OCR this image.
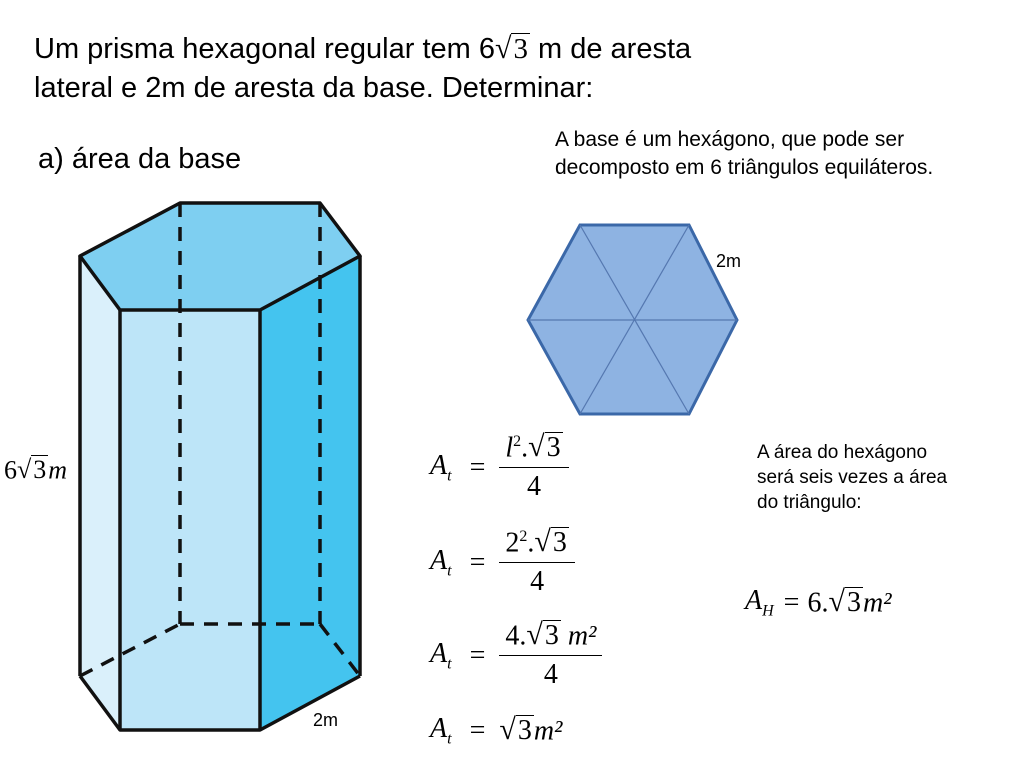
Um prisma hexagonal regular tem 6 √ 3 m de aresta
lateral e 2m de aresta da base. Determinar:
a) área da base
A base é um hexágono, que pode ser decomposto em 6 triângulos equiláteros.
2m
2m
6 √ 3 m	$A_t = \frac{l^2. √ 3}{4}$
$A_t = \frac{2^2. √ 3}{4}$
$A_t = \frac{\text{4. √ 3 m²}}{4}$
$A_t$ = √ 3 m²
A área do hexágono será seis vezes a área do triângulo:
$A_H = 6$. √ 3 m²
